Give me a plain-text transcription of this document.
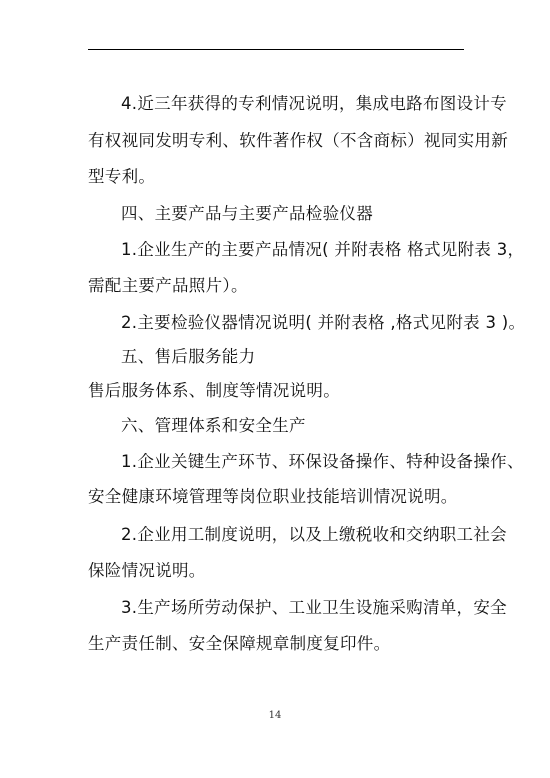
4.近三年获得的专利情况说明，集成电路布图设计专
有权视同发明专利、软件著作权（不含商标）视同实用新
型专利。
四、主要产品与主要产品检验仪器
1.企业生产的主要产品情况( 并附表格 格式见附表 3，
需配主要产品照片）。
2.主要检验仪器情况说明( 并附表格 ,格式见附表 3 )。
五、售后服务能力
售后服务体系、制度等情况说明。
六、管理体系和安全生产
1.企业关键生产环节、环保设备操作、特种设备操作、
安全健康环境管理等岗位职业技能培训情况说明。
2.企业用工制度说明，以及上缴税收和交纳职工社会
保险情况说明。
3.生产场所劳动保护、工业卫生设施采购清单，安全
生产责任制、安全保障规章制度复印件。
14
